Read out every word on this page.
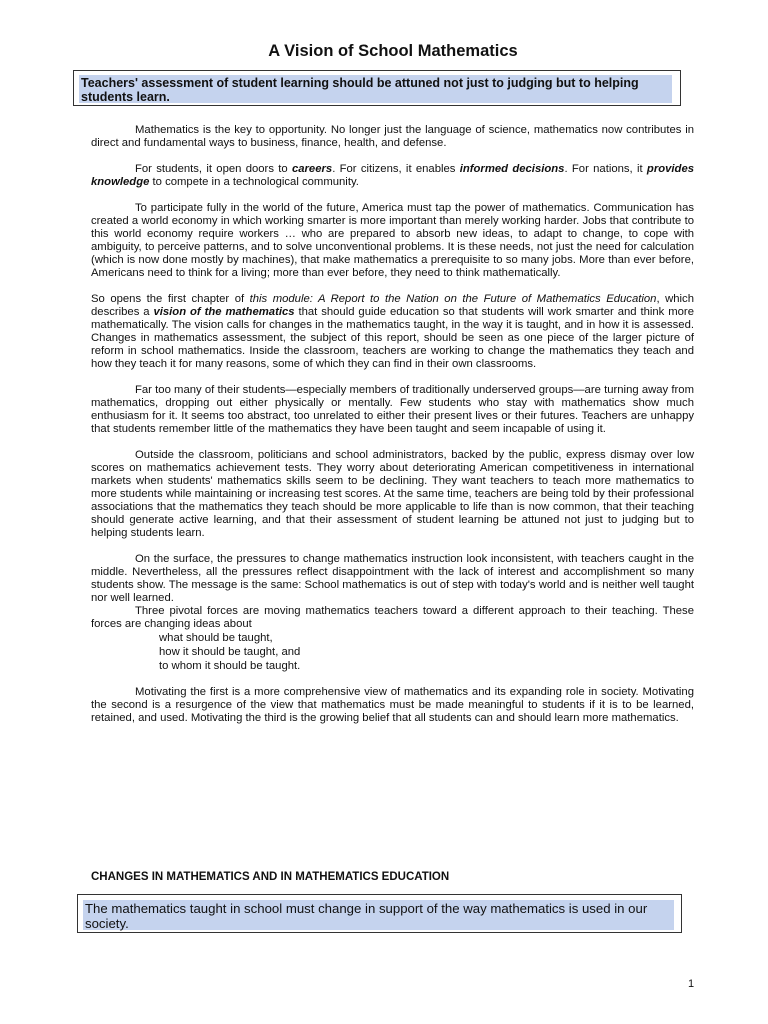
A Vision of School Mathematics

Teachers' assessment of student learning should be attuned not just to judging but to helping students learn.

Mathematics is the key to opportunity. No longer just the language of science, mathematics now contributes in direct and fundamental ways to business, finance, health, and defense.

For students, it open doors to careers. For citizens, it enables informed decisions. For nations, it provides knowledge to compete in a technological community.

To participate fully in the world of the future, America must tap the power of mathematics. Communication has created a world economy in which working smarter is more important than merely working harder. Jobs that contribute to this world economy require workers … who are prepared to absorb new ideas, to adapt to change, to cope with ambiguity, to perceive patterns, and to solve unconventional problems. It is these needs, not just the need for calculation (which is now done mostly by machines), that make mathematics a prerequisite to so many jobs. More than ever before, Americans need to think for a living; more than ever before, they need to think mathematically.

So opens the first chapter of this module: A Report to the Nation on the Future of Mathematics Education, which describes a vision of the mathematics that should guide education so that students will work smarter and think more mathematically. The vision calls for changes in the mathematics taught, in the way it is taught, and in how it is assessed. Changes in mathematics assessment, the subject of this report, should be seen as one piece of the larger picture of reform in school mathematics. Inside the classroom, teachers are working to change the mathematics they teach and how they teach it for many reasons, some of which they can find in their own classrooms.

Far too many of their students—especially members of traditionally underserved groups—are turning away from mathematics, dropping out either physically or mentally. Few students who stay with mathematics show much enthusiasm for it. It seems too abstract, too unrelated to either their present lives or their futures. Teachers are unhappy that students remember little of the mathematics they have been taught and seem incapable of using it.

Outside the classroom, politicians and school administrators, backed by the public, express dismay over low scores on mathematics achievement tests. They worry about deteriorating American competitiveness in international markets when students' mathematics skills seem to be declining. They want teachers to teach more mathematics to more students while maintaining or increasing test scores. At the same time, teachers are being told by their professional associations that the mathematics they teach should be more applicable to life than is now common, that their teaching should generate active learning, and that their assessment of student learning be attuned not just to judging but to helping students learn.

On the surface, the pressures to change mathematics instruction look inconsistent, with teachers caught in the middle. Nevertheless, all the pressures reflect disappointment with the lack of interest and accomplishment so many students show. The message is the same: School mathematics is out of step with today's world and is neither well taught nor well learned.

Three pivotal forces are moving mathematics teachers toward a different approach to their teaching. These forces are changing ideas about

what should be taught,
how it should be taught, and
to whom it should be taught.

Motivating the first is a more comprehensive view of mathematics and its expanding role in society. Motivating the second is a resurgence of the view that mathematics must be made meaningful to students if it is to be learned, retained, and used. Motivating the third is the growing belief that all students can and should learn more mathematics.

CHANGES IN MATHEMATICS AND IN MATHEMATICS EDUCATION

The mathematics taught in school must change in support of the way mathematics is used in our society.

1
